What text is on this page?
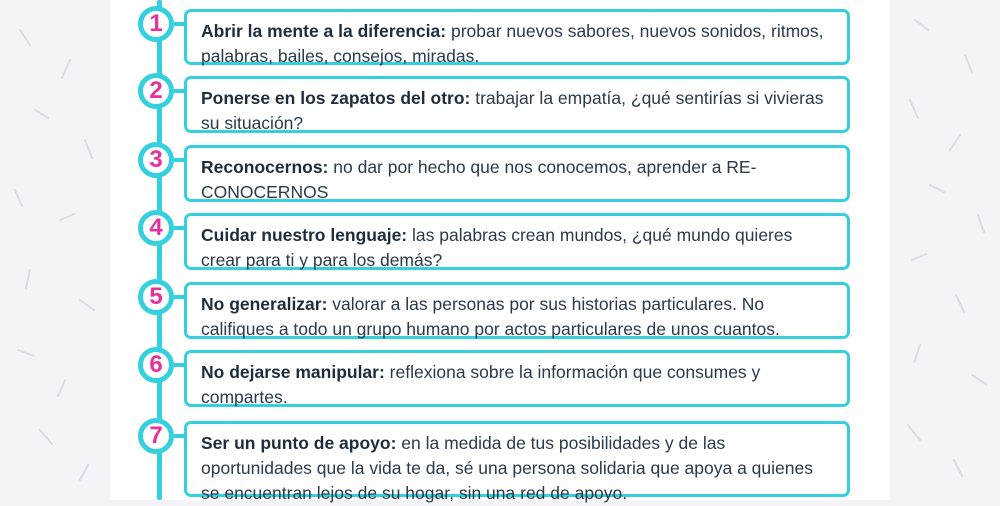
1	Abrir la mente a la diferencia: probar nuevos sabores, nuevos sonidos, ritmos, palabras, bailes, consejos, miradas.
2	Ponerse en los zapatos del otro: trabajar la empatía, ¿qué sentirías si vivieras su situación?
3	Reconocernos: no dar por hecho que nos conocemos, aprender a RE-CONOCERNOS
4	Cuidar nuestro lenguaje: las palabras crean mundos, ¿qué mundo quieres crear para ti y para los demás?
5	No generalizar: valorar a las personas por sus historias particulares. No califiques a todo un grupo humano por actos particulares de unos cuantos.
6	No dejarse manipular: reflexiona sobre la información que consumes y compartes.
7	Ser un punto de apoyo: en la medida de tus posibilidades y de las oportunidades que la vida te da, sé una persona solidaria que apoya a quienes se encuentran lejos de su hogar, sin una red de apoyo.
